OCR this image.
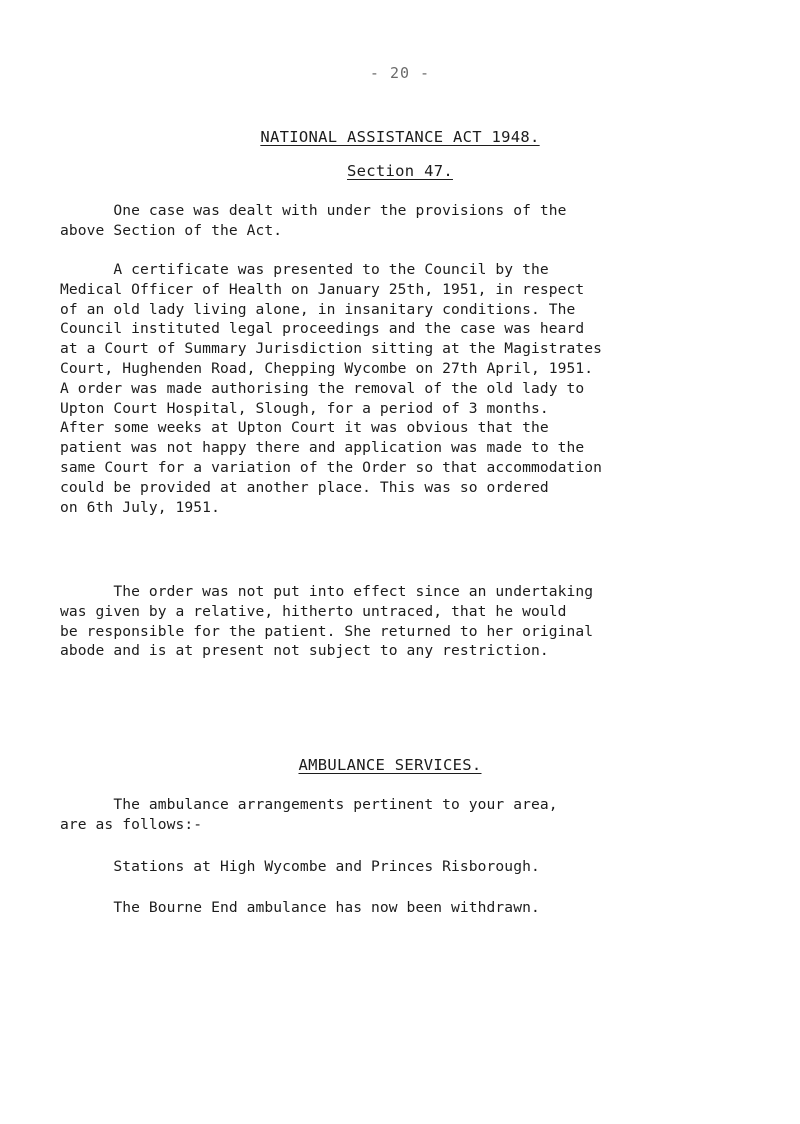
- 20 -
NATIONAL ASSISTANCE ACT 1948.
Section 47.
One case was dealt with under the provisions of the
above Section of the Act.
A certificate was presented to the Council by the
Medical Officer of Health on January 25th, 1951, in respect
of an old lady living alone, in insanitary conditions. The
Council instituted legal proceedings and the case was heard
at a Court of Summary Jurisdiction sitting at the Magistrates
Court, Hughenden Road, Chepping Wycombe on 27th April, 1951.
A order was made authorising the removal of the old lady to
Upton Court Hospital, Slough, for a period of 3 months.
After some weeks at Upton Court it was obvious that the
patient was not happy there and application was made to the
same Court for a variation of the Order so that accommodation
could be provided at another place. This was so ordered
on 6th July, 1951.
The order was not put into effect since an undertaking
was given by a relative, hitherto untraced, that he would
be responsible for the patient. She returned to her original
abode and is at present not subject to any restriction.
AMBULANCE SERVICES.
The ambulance arrangements pertinent to your area,
are as follows:-
Stations at High Wycombe and Princes Risborough.
The Bourne End ambulance has now been withdrawn.
